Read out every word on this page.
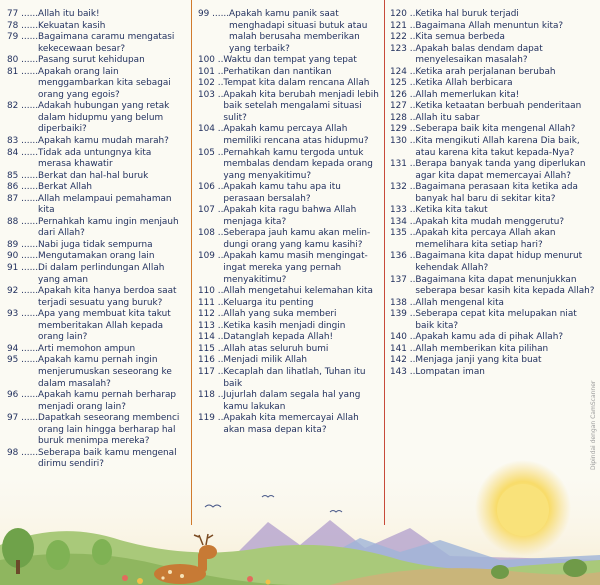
77 ...... Allah itu baik!
78 ...... Kekuatan kasih
79 ...... Bagaimana caramu mengatasi kekecewaan besar?
80 ...... Pasang surut kehidupan
81 ...... Apakah orang lain menggambarkan kita sebagai orang yang egois?
82 ...... Adakah hubungan yang retak dalam hidupmu yang belum diperbaiki?
83 ...... Apakah kamu mudah marah?
84 ...... Tidak ada untungnya kita merasa khawatir
85 ...... Berkat dan hal-hal buruk
86 ...... Berkat Allah
87 ...... Allah melampaui pemahaman kita
88 ...... Pernahkah kamu ingin menjauh dari Allah?
89 ...... Nabi juga tidak sempurna
90 ...... Mengutamakan orang lain
91 ...... Di dalam perlindungan Allah yang aman
92 ...... Apakah kita hanya berdoa saat terjadi sesuatu yang buruk?
93 ...... Apa yang membuat kita takut memberitakan Allah kepada orang lain?
94 ...... Arti memohon ampun
95 ...... Apakah kamu pernah ingin menjerumuskan seseorang ke dalam masalah?
96 ...... Apakah kamu pernah berharap menjadi orang lain?
97 ...... Dapatkah seseorang membenci orang lain hingga berharap hal buruk menimpa mereka?
98 ...... Seberapa baik kamu mengenal dirimu sendiri?
99 ...... Apakah kamu panik saat menghadapi situasi butuk atau malah berusaha memberikan yang terbaik?
100 .. Waktu dan tempat yang tepat
101 .. Perhatikan dan nantikan
102 .. Tempat kita dalam rencana Allah
103 .. Apakah kita berubah menjadi lebih baik setelah mengalami situasi sulit?
104 .. Apakah kamu percaya Allah memiliki rencana atas hidupmu?
105 .. Pernahkah kamu tergoda untuk membalas dendam kepada orang yang menyakitimu?
106 .. Apakah kamu tahu apa itu perasaan bersalah?
107 .. Apakah kita ragu bahwa Allah menjaga kita?
108 .. Seberapa jauh kamu akan melin-dungi orang yang kamu kasihi?
109 .. Apakah kamu masih mengingat-ingat mereka yang pernah menyakitimu?
110 .. Allah mengetahui kelemahan kita
111 .. Keluarga itu penting
112 .. Allah yang suka memberi
113 .. Ketika kasih menjadi dingin
114 .. Datanglah kepada Allah!
115 .. Allah atas seluruh bumi
116 .. Menjadi milik Allah
117 .. Kecaplah dan lihatlah, Tuhan itu baik
118 .. Jujurlah dalam segala hal yang kamu lakukan
119 .. Apakah kita memercayai Allah akan masa depan kita?
120 .. Ketika hal buruk terjadi
121 .. Bagaimana Allah menuntun kita?
122 .. Kita semua berbeda
123 .. Apakah balas dendam dapat menyelesaikan masalah?
124 .. Ketika arah perjalanan berubah
125 .. Ketika Allah berbicara
126 .. Allah memerlukan kita!
127 .. Ketika ketaatan berbuah penderitaan
128 .. Allah itu sabar
129 .. Seberapa baik kita mengenal Allah?
130 .. Kita mengikuti Allah karena Dia baik, atau karena kita takut kepada-Nya?
131 .. Berapa banyak tanda yang diperlukan agar kita dapat memercayai Allah?
132 .. Bagaimana perasaan kita ketika ada banyak hal baru di sekitar kita?
133 .. Ketika kita takut
134 .. Apakah kita mudah menggerutu?
135 .. Apakah kita percaya Allah akan memelihara kita setiap hari?
136 .. Bagaimana kita dapat hidup menurut kehendak Allah?
137 .. Bagaimana kita dapat menunjukkan seberapa besar kasih kita kepada Allah?
138 .. Allah mengenal kita
139 .. Seberapa cepat kita melupakan niat baik kita?
140 .. Apakah kamu ada di pihak Allah?
141 .. Allah memberikan kita pilihan
142 .. Menjaga janji yang kita buat
143 .. Lompatan iman
Dipindai dengan CamScanner
